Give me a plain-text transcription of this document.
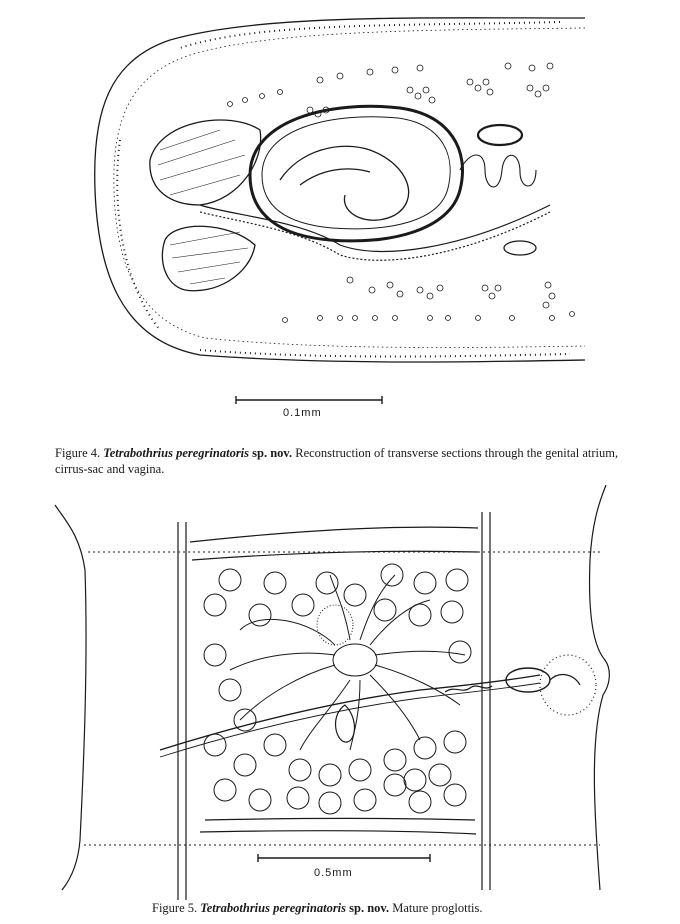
0.1mm
Figure 4. Tetrabothrius peregrinatoris sp. nov. Reconstruction of transverse sections through the genital atrium, cirrus-sac and vagina.
0.5mm
Figure 5. Tetrabothrius peregrinatoris sp. nov. Mature proglottis.
